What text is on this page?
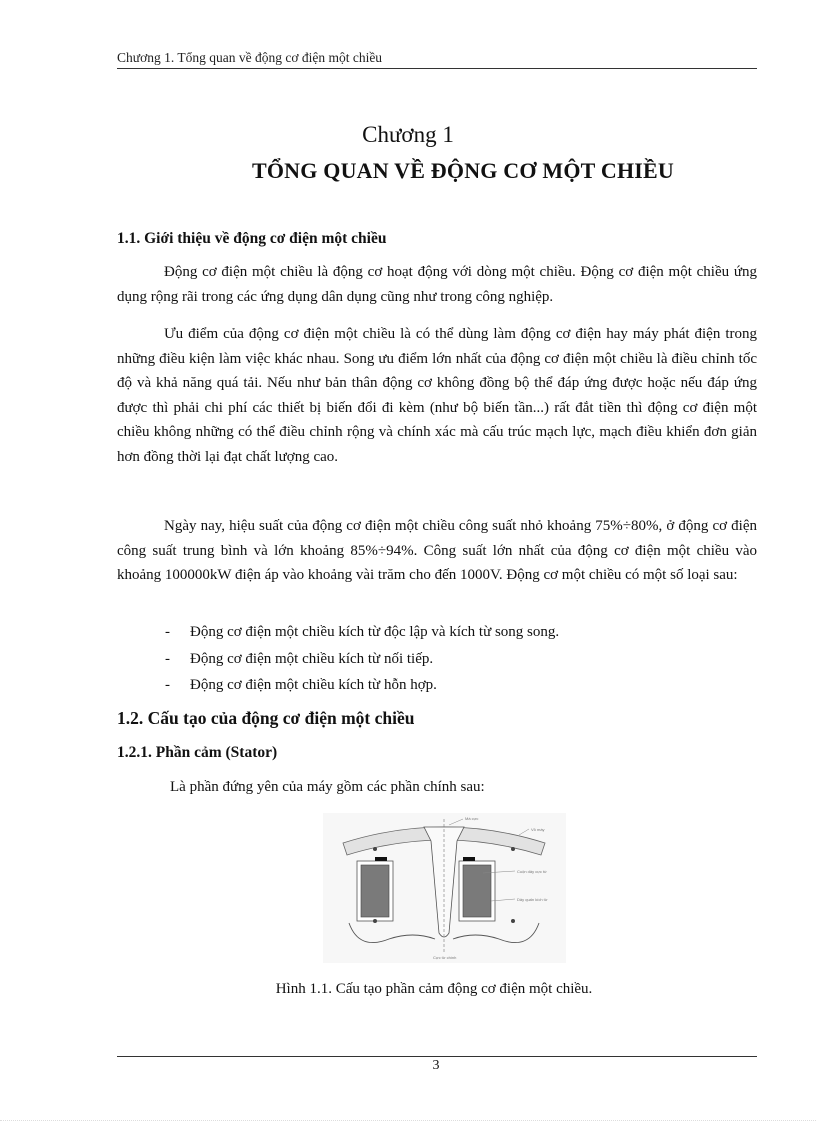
Chương 1. Tổng quan về động cơ điện một chiều
Chương 1
TỔNG QUAN VỀ ĐỘNG CƠ MỘT CHIỀU
1.1. Giới thiệu về động cơ điện một chiều

Động cơ điện một chiều là động cơ hoạt động với dòng một chiều. Động cơ điện một chiều ứng dụng rộng rãi trong các ứng dụng dân dụng cũng như trong công nghiệp.

Ưu điểm của động cơ điện một chiều là có thể dùng làm động cơ điện hay máy phát điện trong những điều kiện làm việc khác nhau. Song ưu điểm lớn nhất của động cơ điện một chiều là điều chỉnh tốc độ và khả năng quá tải. Nếu như bản thân động cơ không đồng bộ thể đáp ứng được hoặc nếu đáp ứng được thì phải chi phí các thiết bị biến đổi đi kèm (như bộ biến tần...) rất đắt tiền thì động cơ điện một chiều không những có thể điều chỉnh rộng và chính xác mà cấu trúc mạch lực, mạch điều khiển đơn giản hơn đồng thời lại đạt chất lượng cao.

Ngày nay, hiệu suất của động cơ điện một chiều công suất nhỏ khoảng 75%÷80%, ở động cơ điện công suất trung bình và lớn khoảng 85%÷94%. Công suất lớn nhất của động cơ điện một chiều vào khoảng 100000kW điện áp vào khoảng vài trăm cho đến 1000V. Động cơ một chiều có một số loại sau:

- Động cơ điện một chiều kích từ độc lập và kích từ song song.
- Động cơ điện một chiều kích từ nối tiếp.
- Động cơ điện một chiều kích từ hỗn hợp.
1.2. Cấu tạo của động cơ điện một chiều
1.2.1. Phần cảm (Stator)
Là phần đứng yên của máy gồm các phần chính sau:
Má cực
Vỏ máy
Cuộn dây cực từ
Dây quấn kích từ
Cực từ chính
Hình 1.1. Cấu tạo phần cảm động cơ điện một chiều.
3
